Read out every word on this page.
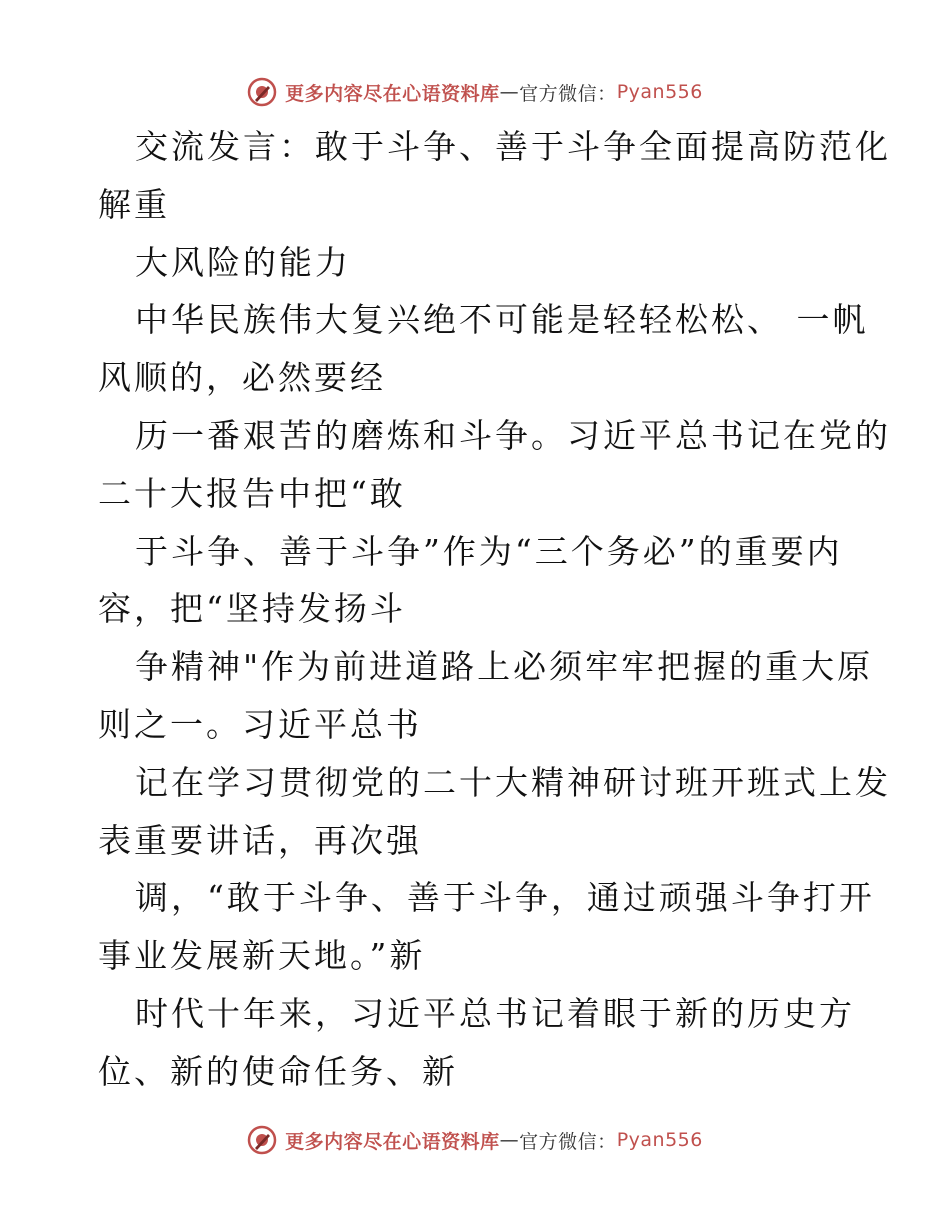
更多内容尽在心语资料库 — 官方微信： Pyan556
交流发言：敢于斗争、善于斗争全面提高防范化
解重
大风险的能力
中华民族伟大复兴绝不可能是轻轻松松、 一帆
风顺的，必然要经
历一番艰苦的磨炼和斗争。习近平总书记在党的
二十大报告中把“敢
于斗争、善于斗争”作为“三个务必”的重要内
容，把“坚持发扬斗
争精神"作为前进道路上必须牢牢把握的重大原
则之一。习近平总书
记在学习贯彻党的二十大精神研讨班开班式上发
表重要讲话，再次强
调，“敢于斗争、善于斗争，通过顽强斗争打开
事业发展新天地。”新
时代十年来，习近平总书记着眼于新的历史方
位、新的使命任务、新
更多内容尽在心语资料库 — 官方微信： Pyan556
